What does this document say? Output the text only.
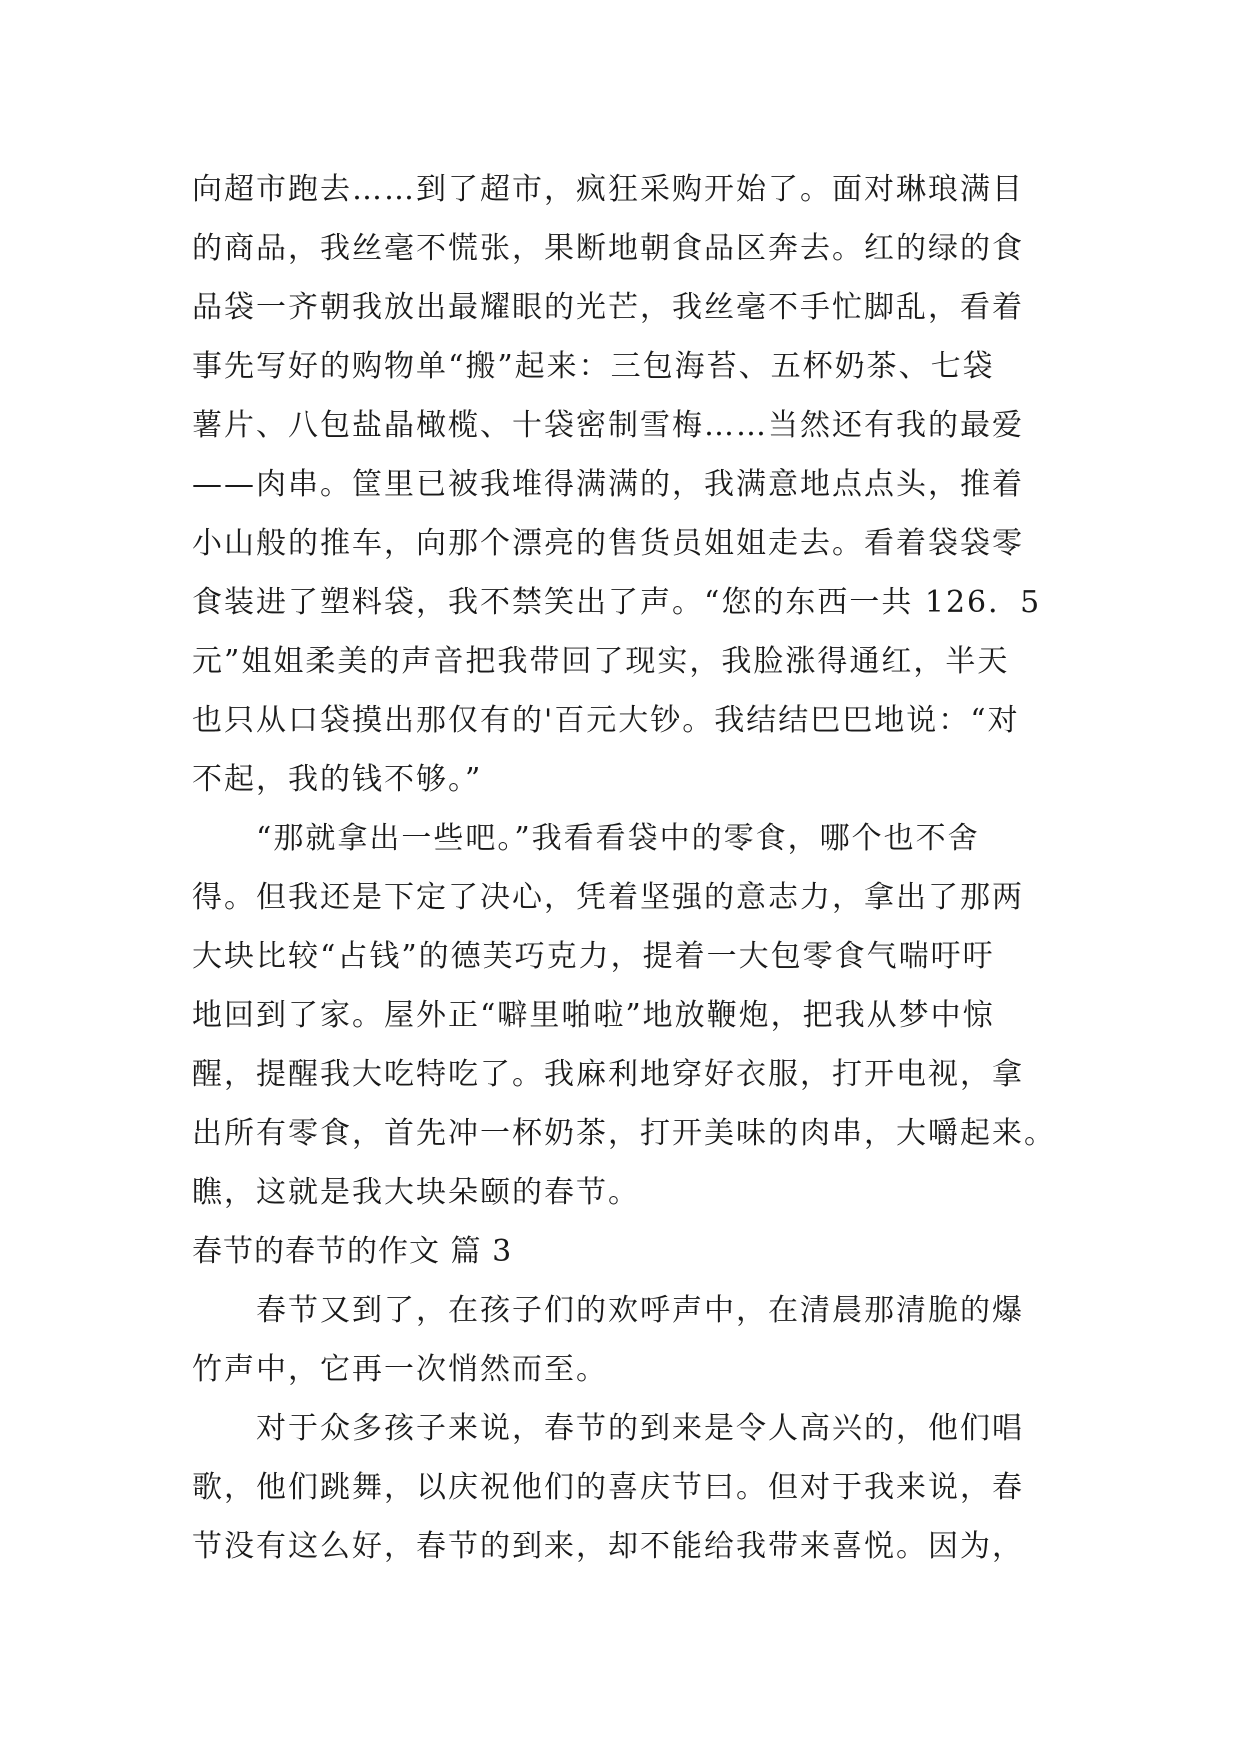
向超市跑去……到了超市，疯狂采购开始了。面对琳琅满目
的商品，我丝毫不慌张，果断地朝食品区奔去。红的绿的食
品袋一齐朝我放出最耀眼的光芒，我丝毫不手忙脚乱，看着
事先写好的购物单“搬”起来：三包海苔、五杯奶茶、七袋
薯片、八包盐晶橄榄、十袋密制雪梅……当然还有我的最爱
——肉串。筐里已被我堆得满满的，我满意地点点头，推着
小山般的推车，向那个漂亮的售货员姐姐走去。看着袋袋零
食装进了塑料袋，我不禁笑出了声。“您的东西一共 126．5
元”姐姐柔美的声音把我带回了现实，我脸涨得通红，半天
也只从口袋摸出那仅有的'百元大钞。我结结巴巴地说：“对
不起，我的钱不够。”
“那就拿出一些吧。”我看看袋中的零食，哪个也不舍
得。但我还是下定了决心，凭着坚强的意志力，拿出了那两
大块比较“占钱”的德芙巧克力，提着一大包零食气喘吁吁
地回到了家。屋外正“噼里啪啦”地放鞭炮，把我从梦中惊
醒，提醒我大吃特吃了。我麻利地穿好衣服，打开电视，拿
出所有零食，首先冲一杯奶茶，打开美味的肉串，大嚼起来。
瞧，这就是我大块朵颐的春节。
春节的春节的作文 篇 3
春节又到了，在孩子们的欢呼声中，在清晨那清脆的爆
竹声中，它再一次悄然而至。
对于众多孩子来说，春节的到来是令人高兴的，他们唱
歌，他们跳舞，以庆祝他们的喜庆节曰。但对于我来说，春
节没有这么好，春节的到来，却不能给我带来喜悦。因为，
